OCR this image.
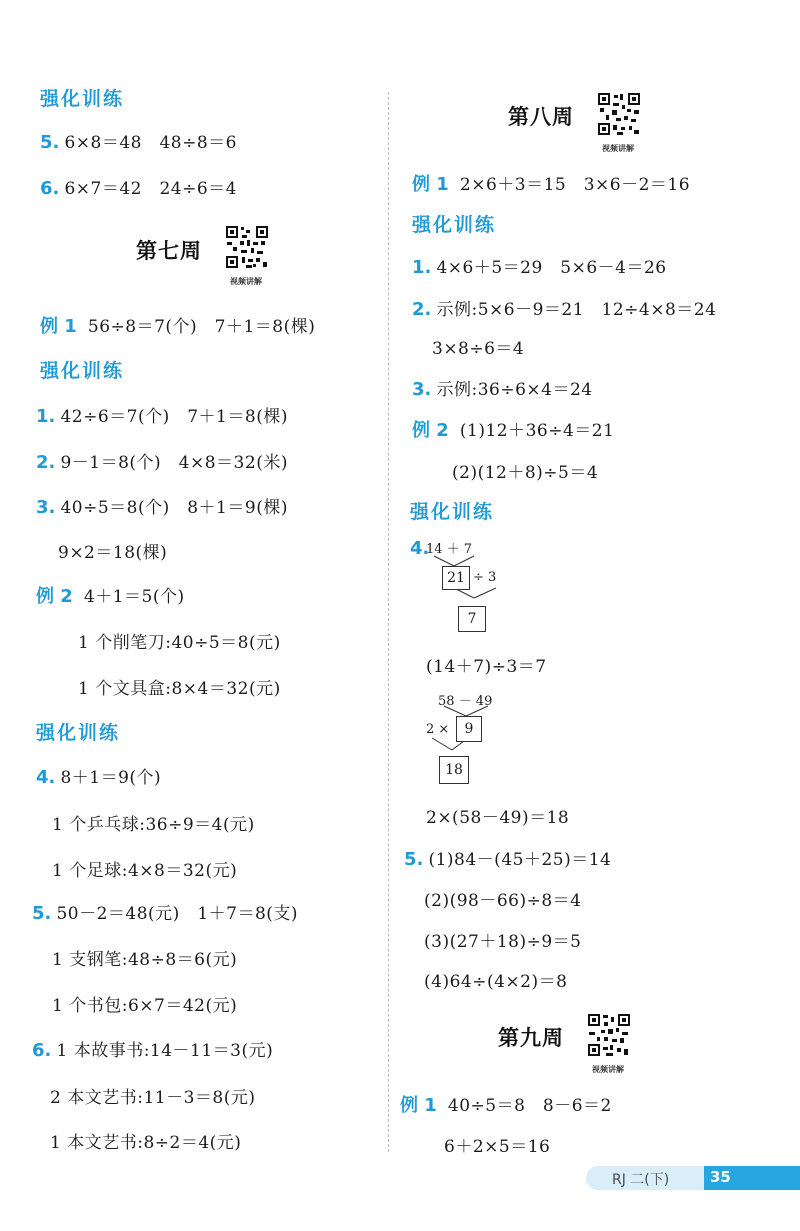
强化训练
5. 6×8＝48　48÷8＝6
6. 6×7＝42　24÷6＝4
第七周
视频讲解
例 1 56÷8＝7(个)　7＋1＝8(棵)
强化训练
1. 42÷6＝7(个)　7＋1＝8(棵)
2. 9－1＝8(个)　4×8＝32(米)
3. 40÷5＝8(个)　8＋1＝9(棵)
9×2＝18(棵)
例 2 4＋1＝5(个)
1 个削笔刀:40÷5＝8(元)
1 个文具盒:8×4＝32(元)
强化训练
4. 8＋1＝9(个)
1 个乒乓球:36÷9＝4(元)
1 个足球:4×8＝32(元)
5. 50－2＝48(元)　1＋7＝8(支)
1 支钢笔:48÷8＝6(元)
1 个书包:6×7＝42(元)
6. 1 本故事书:14－11＝3(元)
2 本文艺书:11－3＝8(元)
1 本文艺书:8÷2＝4(元)
第八周
视频讲解
例 1 2×6＋3＝15　3×6－2＝16
强化训练
1. 4×6＋5＝29　5×6－4＝26
2. 示例:5×6－9＝21　12÷4×8＝24
3×8÷6＝4
3. 示例:36÷6×4＝24
例 2 (1)12＋36÷4＝21
(2)(12＋8)÷5＝4
强化训练
4.
14 ＋ 7
21 ÷ 3
7
(14＋7)÷3＝7
58 － 49
2 ×	9
18
2×(58－49)＝18
5. (1)84－(45＋25)＝14
(2)(98－66)÷8＝4
(3)(27＋18)÷9＝5
(4)64÷(4×2)＝8
第九周
视频讲解
例 1 40÷5＝8　8－6＝2
6＋2×5＝16
RJ 二(下)	35
